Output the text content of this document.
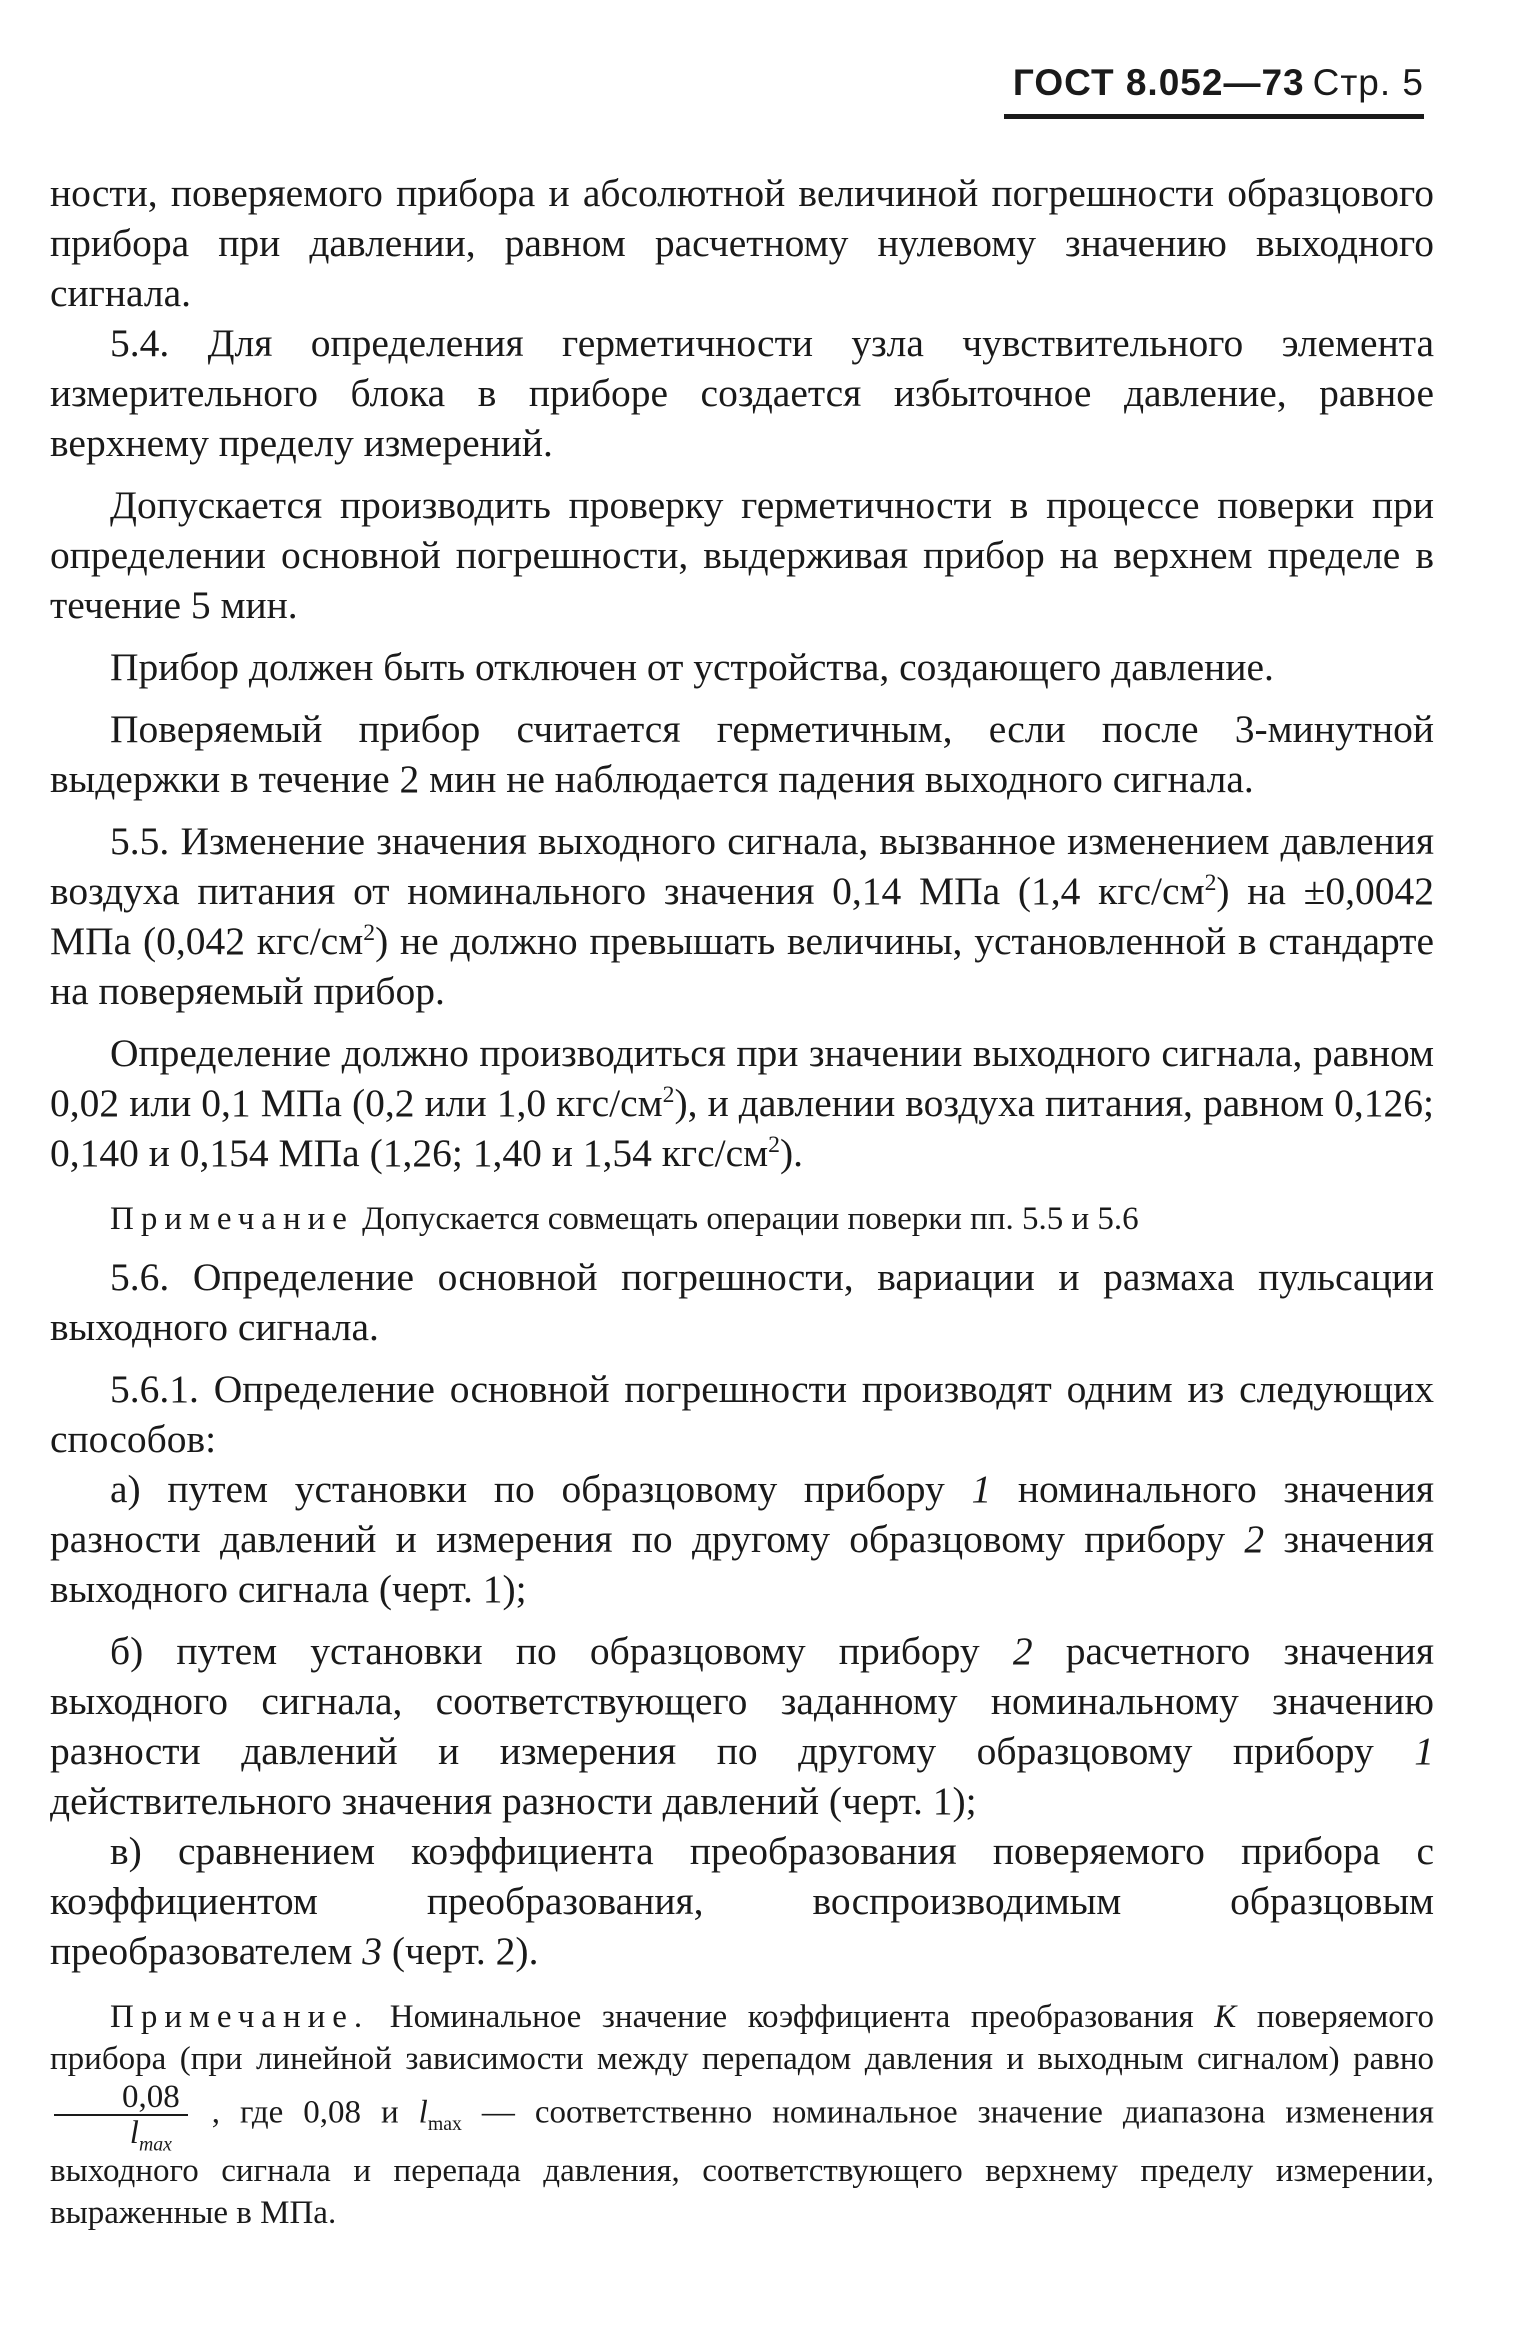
ГОСТ 8.052—73 Стр. 5

ности, поверяемого прибора и абсолютной величиной погрешности образцового прибора при давлении, равном расчетному нулевому значению выходного сигнала.

5.4. Для определения герметичности узла чувствительного элемента измерительного блока в приборе создается избыточное давление, равное верхнему пределу измерений.

Допускается производить проверку герметичности в процессе поверки при определении основной погрешности, выдерживая прибор на верхнем пределе в течение 5 мин.

Прибор должен быть отключен от устройства, создающего давление.

Поверяемый прибор считается герметичным, если после 3-минутной выдержки в течение 2 мин не наблюдается падения выходного сигнала.

5.5. Изменение значения выходного сигнала, вызванное изменением давления воздуха питания от номинального значения 0,14 МПа (1,4 кгс/$см^2$) на ±0,0042 МПа (0,042 кгс/$см^2$) не должно превышать величины, установленной в стандарте на поверяемый прибор.

Определение должно производиться при значении выходного сигнала, равном 0,02 или 0,1 МПа (0,2 или 1,0 кгс/$см^2$), и давлении воздуха питания, равном 0,126; 0,140 и 0,154 МПа (1,26; 1,40 и 1,54 кгс/$см^2$).

Примечание Допускается совмещать операции поверки пп. 5.5 и 5.6

5.6. Определение основной погрешности, вариации и размаха пульсации выходного сигнала.

5.6.1. Определение основной погрешности производят одним из следующих способов:

а) путем установки по образцовому прибору 1 номинального значения разности давлений и измерения по другому образцовому прибору 2 значения выходного сигнала (черт. 1);

б) путем установки по образцовому прибору 2 расчетного значения выходного сигнала, соответствующего заданному номинальному значению разности давлений и измерения по другому образцовому прибору 1 действительного значения разности давлений (черт. 1);

в) сравнением коэффициента преобразования поверяемого прибора с коэффициентом преобразования, воспроизводимым образцовым преобразователем 3 (черт. 2).

Примечание. Номинальное значение коэффициента преобразования K поверяемого прибора (при линейной зависимости между перепадом давления и выходным сигналом) равно
$\frac{0,08}{l_{max}}$ , где 0,08 и $l_{max}$ — соответственно номинальное значение диапазона изменения выходного сигнала и перепада давления, соответствующего верхнему пределу измерении, выраженные в МПа.
